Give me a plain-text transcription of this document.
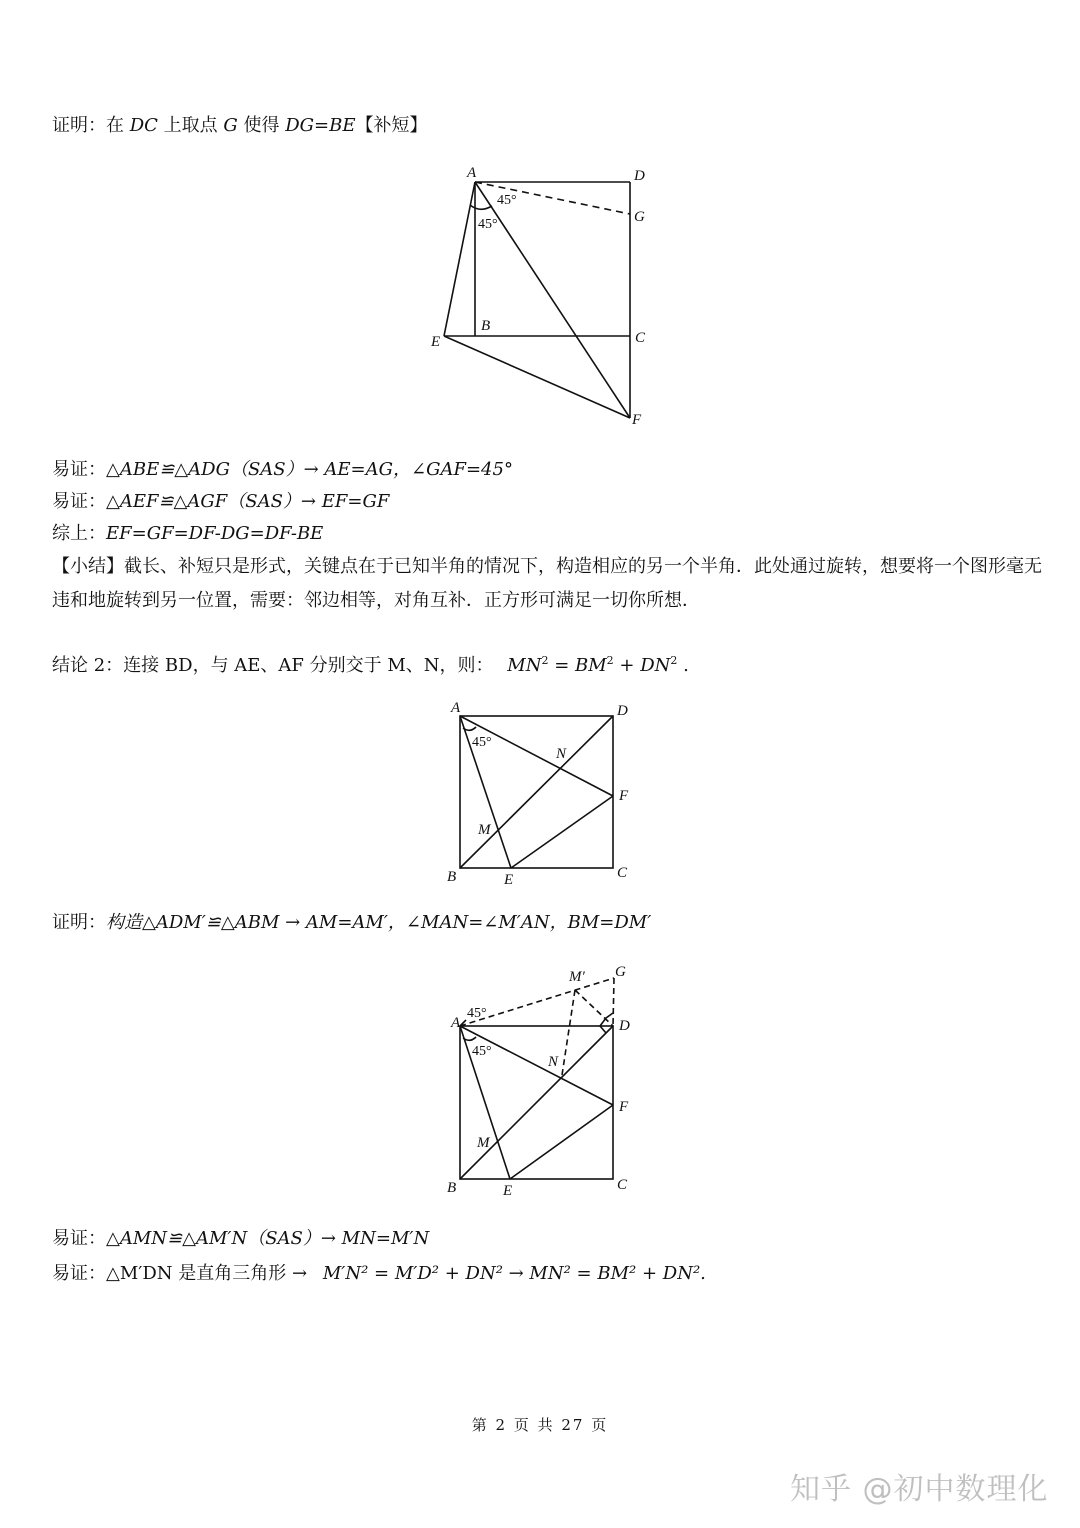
证明：在 DC 上取点 G 使得 DG=BE【补短】
A	D
G
B
C
E
F
45°
45°
易证：△ABE≌△ADG（SAS）→ AE=AG，∠GAF=45°
易证：△AEF≌△AGF（SAS）→ EF=GF
综上：EF=GF=DF-DG=DF-BE
【小结】截长、补短只是形式，关键点在于已知半角的情况下，构造相应的另一个半角．此处通过旋转，想要将一个图形毫无违和地旋转到另一位置，需要：邻边相等，对角互补．正方形可满足一切你所想．
结论 2：连接 BD，与 AE、AF 分别交于 M、N，则： $MN^2 = BM^2 + DN^2$ .
A	D
N
F
M
B	E	C
45°
证明：构造△ADM′≌△ABM → AM=AM′，∠MAN=∠M′AN，BM=DM′
M′ G
A	D
N
F
M
B	E	C
45°
45°
易证：△AMN≌△AM′N（SAS）→ MN=M′N
易证：△M′DN 是直角三角形 → M′N² = M′D² + DN² → MN² = BM² + DN².
第 2 页 共 27 页
知乎 @初中数理化
